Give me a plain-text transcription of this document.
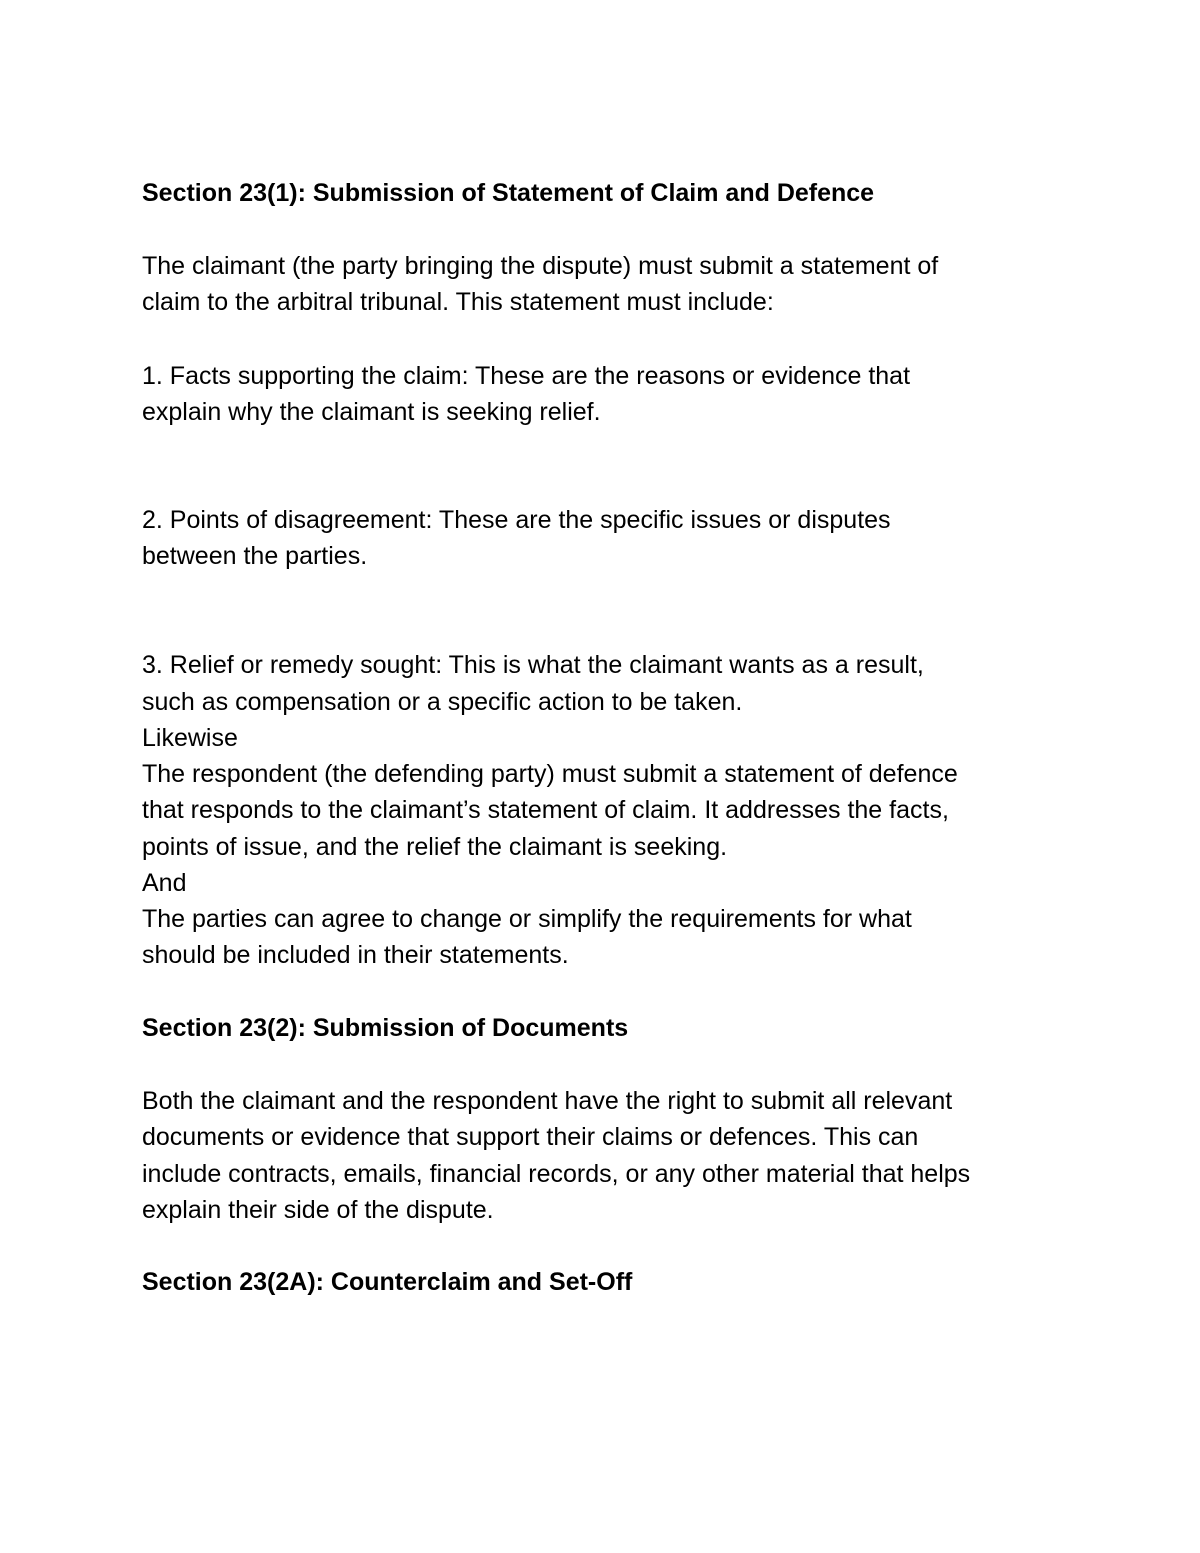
Section 23(1): Submission of Statement of Claim and Defence
The claimant (the party bringing the dispute) must submit a statement of
claim to the arbitral tribunal. This statement must include:
1. Facts supporting the claim: These are the reasons or evidence that
explain why the claimant is seeking relief.
2. Points of disagreement: These are the specific issues or disputes
between the parties.
3. Relief or remedy sought: This is what the claimant wants as a result,
such as compensation or a specific action to be taken.
Likewise
The respondent (the defending party) must submit a statement of defence
that responds to the claimant’s statement of claim. It addresses the facts,
points of issue, and the relief the claimant is seeking.
And
The parties can agree to change or simplify the requirements for what
should be included in their statements.
Section 23(2): Submission of Documents
Both the claimant and the respondent have the right to submit all relevant
documents or evidence that support their claims or defences. This can
include contracts, emails, financial records, or any other material that helps
explain their side of the dispute.
Section 23(2A): Counterclaim and Set-Off
